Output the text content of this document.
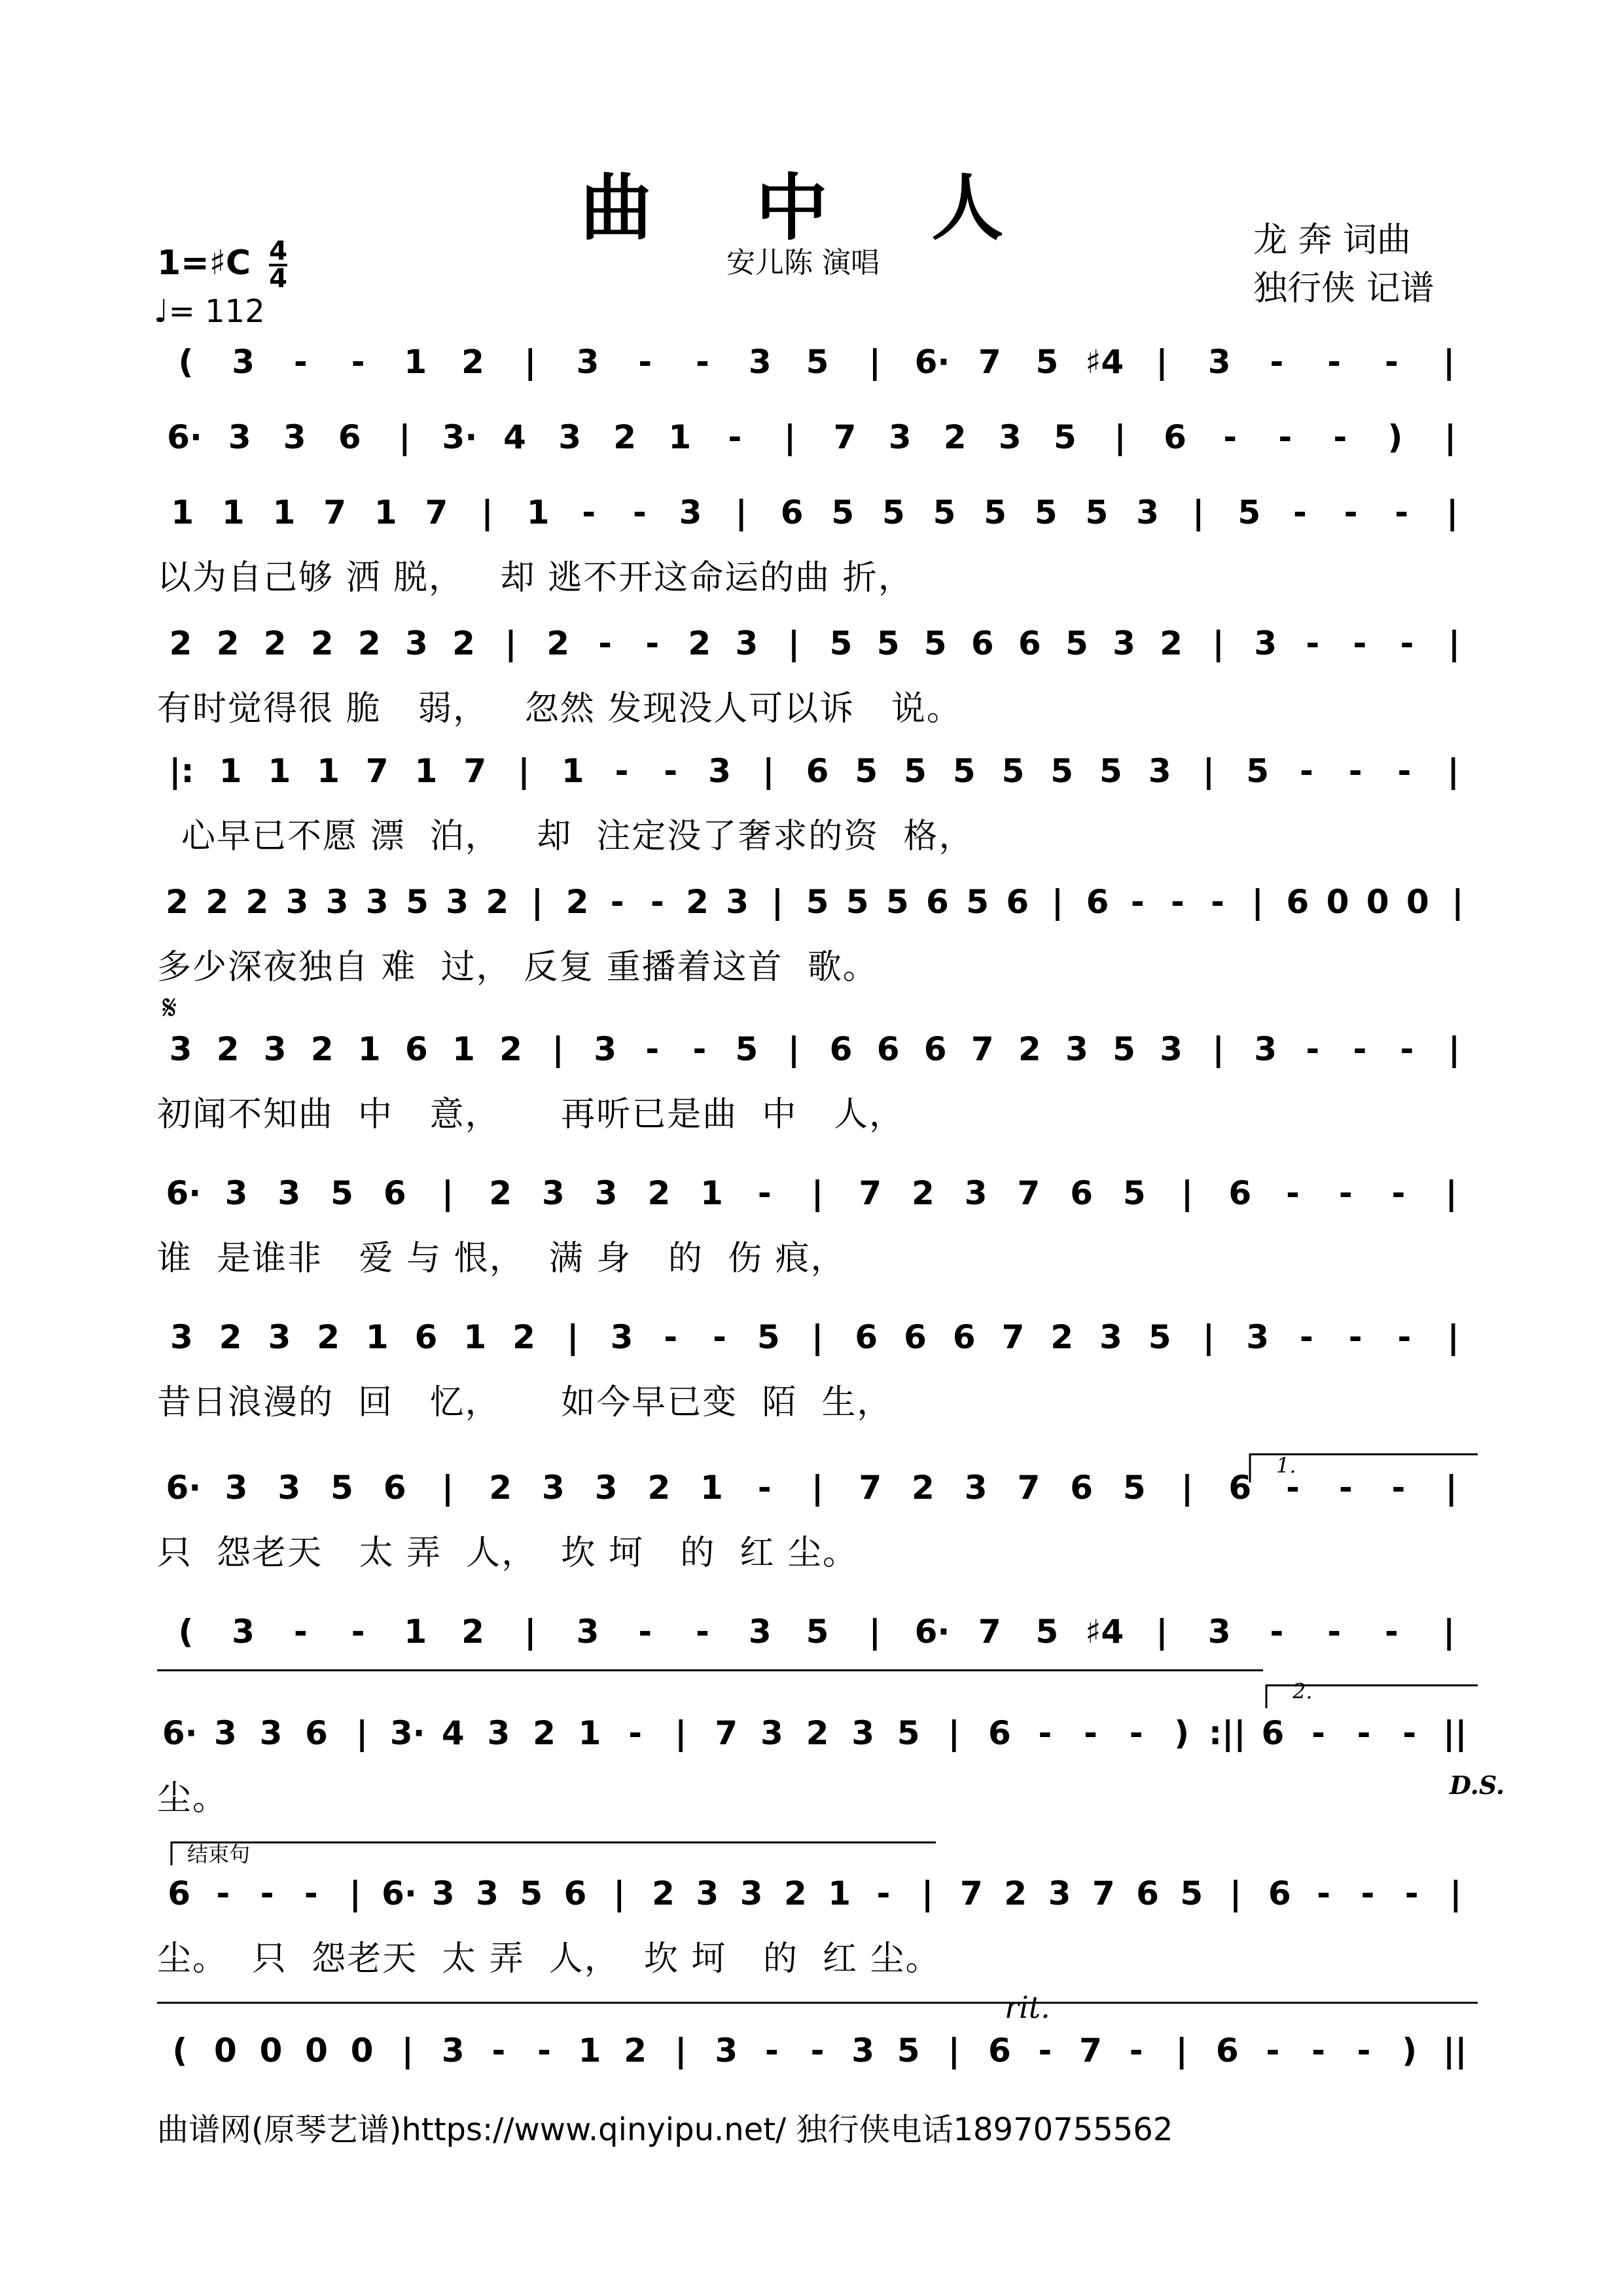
曲 中 人
安儿陈 演唱
龙 奔 词曲
独行侠 记谱
1=♯C $\frac{4}{4}$
♩= 112
𝄋
D.S.
rit.
结束句
1.
2.
( 3 - - 1 2 | 3 - - 3 5 | 6· 7 5 ♯4 | 3 - - - |
6· 3 3 6 | 3· 4 3 2 1 - | 7 3 2 3 5 | 6 - - - ) |
1 1 1 7 1 7 | 1 - - 3 | 6 5 5 5 5 5 5 3 | 5 - - - |
以为自己够 洒 脱，   却 逃不开这命运的曲 折，
2 2 2 2 2 3 2 | 2 - - 2 3 | 5 5 5 6 6 5 3 2 | 3 - - - |
有时觉得很 脆   弱，   忽然 发现没人可以诉   说。
|: 1 1 1 7 1 7 | 1 - - 3 | 6 5 5 5 5 5 5 3 | 5 - - - |
心早已不愿 漂  泊，   却  注定没了奢求的资  格，
2 2 2 3 3 3 5 3 2 | 2 - - 2 3 | 5 5 5 6 5 6 | 6 - - - | 6 0 0 0 |
多少深夜独自 难  过， 反复 重播着这首  歌。
3 2 3 2 1 6 1 2 | 3 - - 5 | 6 6 6 7 2 3 5 3 | 3 - - - |
初闻不知曲  中   意，     再听已是曲  中   人，
6· 3 3 5 6 | 2 3 3 2 1 - | 7 2 3 7 6 5 | 6 - - - |
谁  是谁非   爱 与 恨，  满 身   的  伤 痕，
3 2 3 2 1 6 1 2 | 3 - - 5 | 6 6 6 7 2 3 5 | 3 - - - |
昔日浪漫的  回   忆，     如今早已变  陌  生，
6· 3 3 5 6 | 2 3 3 2 1 - | 7 2 3 7 6 5 | 6 - - - |
只  怨老天   太 弄  人，  坎 坷   的  红 尘。
( 3 - - 1 2 | 3 - - 3 5 | 6· 7 5 ♯4 | 3 - - - |
6· 3 3 6 | 3· 4 3 2 1 - | 7 3 2 3 5 | 6 - - - ) :|| 6 - - - ||
尘。
6 - - - | 6· 3 3 5 6 | 2 3 3 2 1 - | 7 2 3 7 6 5 | 6 - - - |
尘。  只  怨老天  太 弄  人，  坎 坷   的  红 尘。
( 0 0 0 0 | 3 - - 1 2 | 3 - - 3 5 | 6 - 7 - | 6 - - - ) ||
曲谱网(原琴艺谱)https://www.qinyipu.net/ 独行侠电话18970755562
